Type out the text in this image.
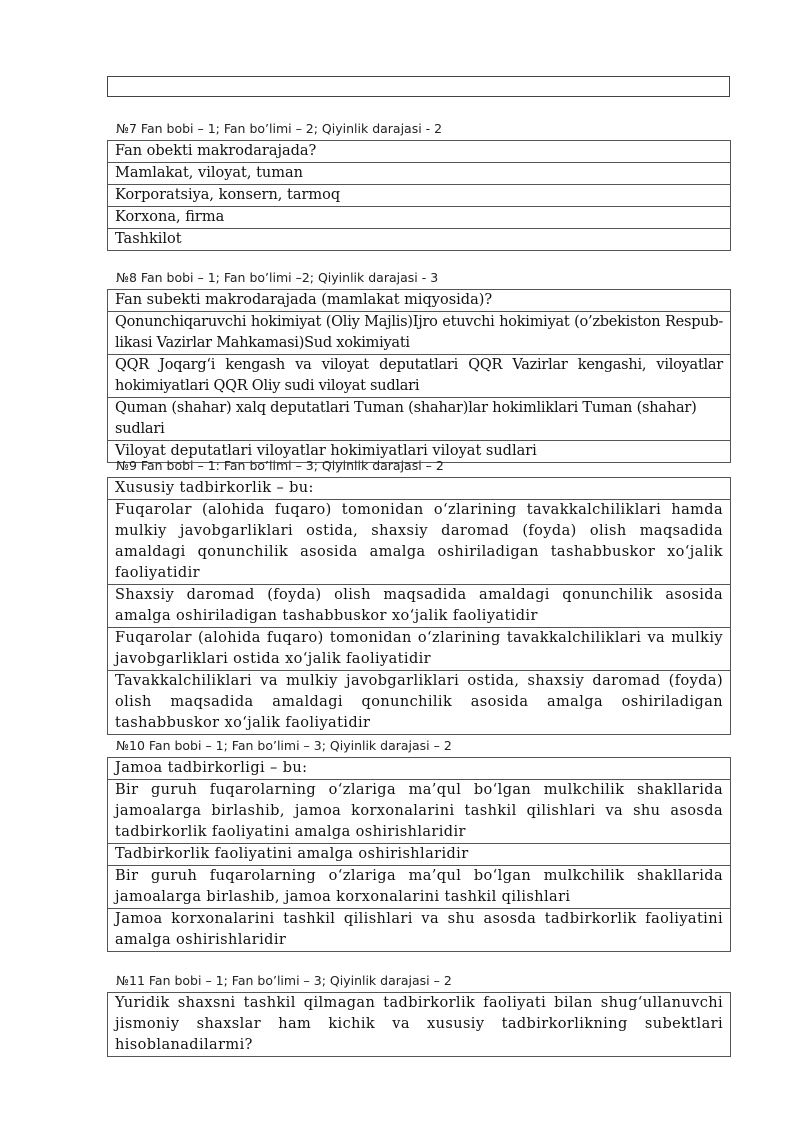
№7 Fan bobi – 1; Fan bo’limi – 2; Qiyinlik darajasi - 2
Fan obekti makrodarajada?
Mamlakat, viloyat, tuman
Korporatsiya, konsern, tarmoq
Korxona, firma
Tashkilot
№8 Fan bobi – 1; Fan bo’limi –2; Qiyinlik darajasi - 3
Fan subekti makrodarajada (mamlakat miqyosida)?
Qonunchiqaruvchi hokimiyat (Oliy Majlis)Ijro etuvchi hokimiyat (o’zbekiston Respub-likasi Vazirlar Mahkamasi)Sud xokimiyati
QQR Joqarg‘i kengash va viloyat deputatlari QQR Vazirlar kengashi, viloyatlar hokimiyatlari QQR Oliy sudi viloyat sudlari
Quman (shahar) xalq deputatlari Tuman (shahar)lar hokimliklari Tuman (shahar) sudlari
Viloyat deputatlari viloyatlar hokimiyatlari viloyat sudlari
№9 Fan bobi – 1: Fan bo’limi – 3; Qiyinlik darajasi – 2
Xususiy tadbirkorlik – bu:
Fuqarolar (alohida fuqaro) tomonidan o‘zlarining tavakkalchiliklari hamda mulkiy javobgarliklari ostida, shaxsiy daromad (foyda) olish maqsadida amaldagi qonunchilik asosida amalga oshiriladigan tashabbuskor xo‘jalik faoliyatidir
Shaxsiy daromad (foyda) olish maqsadida amaldagi qonunchilik asosida amalga oshiriladigan tashabbuskor xo‘jalik faoliyatidir
Fuqarolar (alohida fuqaro) tomonidan o‘zlarining tavakkalchiliklari va mulkiy javobgarliklari ostida xo‘jalik faoliyatidir
Tavakkalchiliklari va mulkiy javobgarliklari ostida, shaxsiy daromad (foyda) olish maqsadida amaldagi qonunchilik asosida amalga oshiriladigan tashabbuskor xo‘jalik faoliyatidir
№10 Fan bobi – 1; Fan bo’limi – 3; Qiyinlik darajasi – 2
Jamoa tadbirkorligi – bu:
Bir guruh fuqarolarning o‘zlariga ma’qul bo‘lgan mulkchilik shakllarida jamoalarga birlashib, jamoa korxonalarini tashkil qilishlari va shu asosda tadbirkorlik faoliyatini amalga oshirishlaridir
Tadbirkorlik faoliyatini amalga oshirishlaridir
Bir guruh fuqarolarning o‘zlariga ma’qul bo‘lgan mulkchilik shakllarida jamoalarga birlashib, jamoa korxonalarini tashkil qilishlari
Jamoa korxonalarini tashkil qilishlari va shu asosda tadbirkorlik faoliyatini amalga oshirishlaridir
№11 Fan bobi – 1; Fan bo’limi – 3; Qiyinlik darajasi – 2
Yuridik shaxsni tashkil qilmagan tadbirkorlik faoliyati bilan shug‘ullanuvchi jismoniy shaxslar ham kichik va xususiy tadbirkorlikning subektlari hisoblanadilarmi?
